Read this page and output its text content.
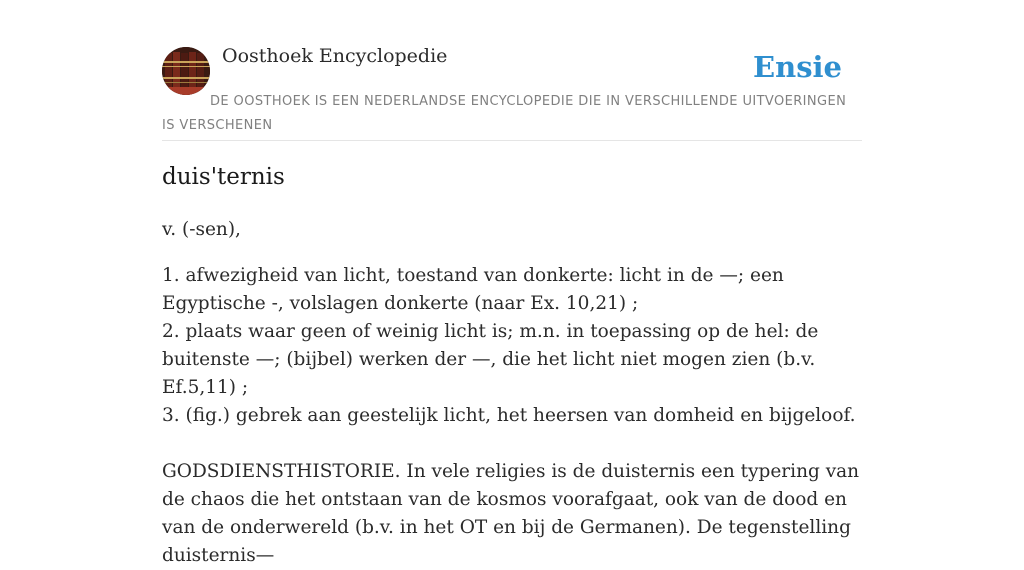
Oosthoek Encyclopedie	Ensie
DE OOSTHOEK IS EEN NEDERLANDSE ENCYCLOPEDIE DIE IN VERSCHILLENDE UITVOERINGEN IS VERSCHENEN
duis'ternis

v. (-sen),

1. afwezigheid van licht, toestand van donkerte: licht in de —; een Egyptische -, volslagen donkerte (naar Ex. 10,21) ;

2. plaats waar geen of weinig licht is; m.n. in toepassing op de hel: de buitenste —; (bijbel) werken der —, die het licht niet mogen zien (b.v. Ef.5,11) ;

3. (fig.) gebrek aan geestelijk licht, het heersen van domheid en bijgeloof.

GODSDIENSTHISTORIE. In vele religies is de duisternis een typering van de chaos die het ontstaan van de kosmos voorafgaat, ook van de dood en van de onderwereld (b.v. in het OT en bij de Germanen). De tegenstelling duisternis—
